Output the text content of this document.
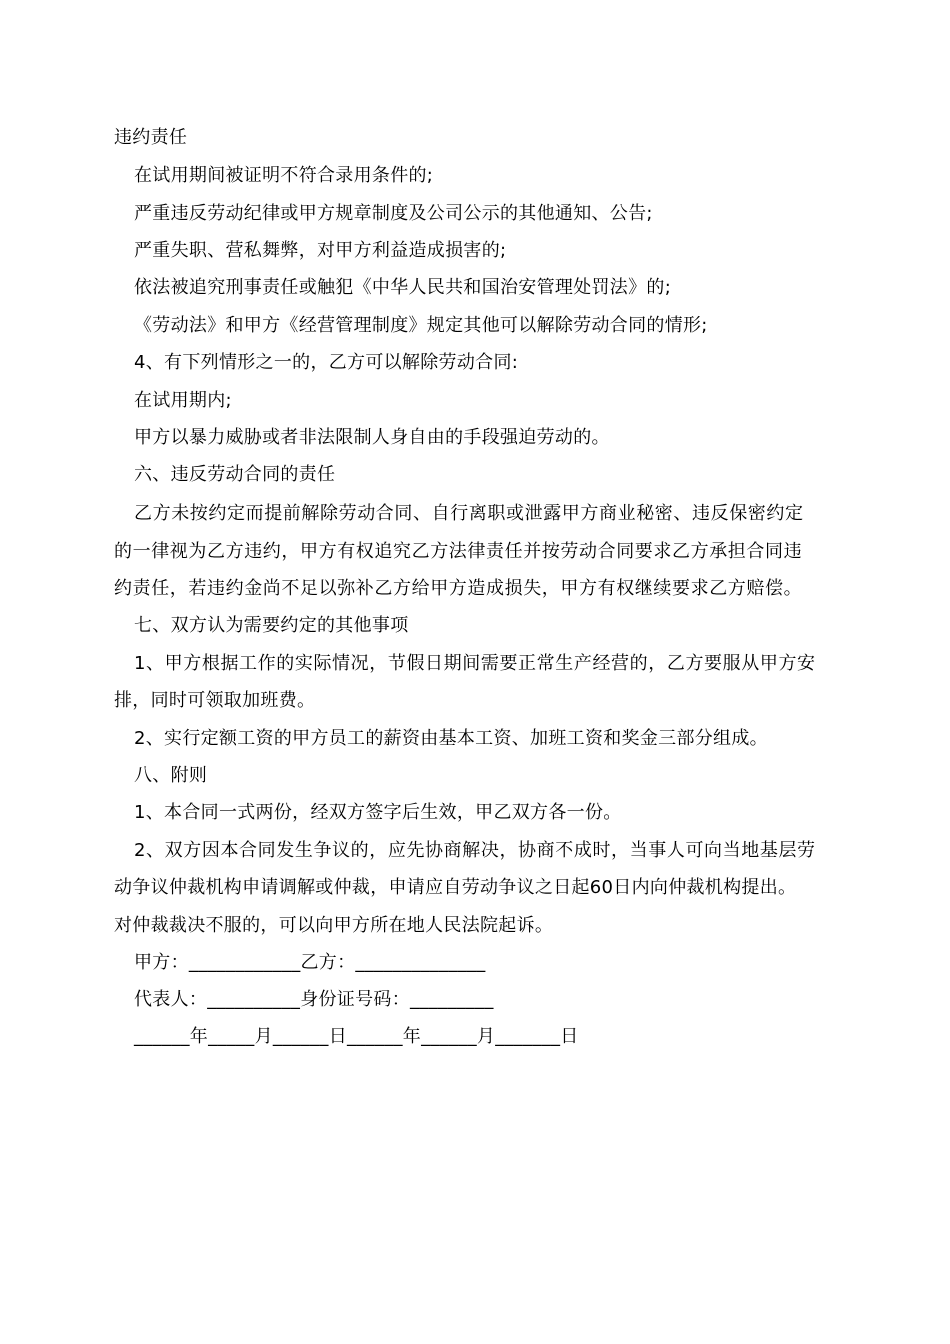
违约责任
在试用期间被证明不符合录用条件的;
严重违反劳动纪律或甲方规章制度及公司公示的其他通知、公告;
严重失职、营私舞弊，对甲方利益造成损害的;
依法被追究刑事责任或触犯《中华人民共和国治安管理处罚法》的;
《劳动法》和甲方《经营管理制度》规定其他可以解除劳动合同的情形;
4、有下列情形之一的，乙方可以解除劳动合同:
在试用期内;
甲方以暴力威胁或者非法限制人身自由的手段强迫劳动的。
六、违反劳动合同的责任
乙方未按约定而提前解除劳动合同、自行离职或泄露甲方商业秘密、违反保密约定
的一律视为乙方违约，甲方有权追究乙方法律责任并按劳动合同要求乙方承担合同违
约责任，若违约金尚不足以弥补乙方给甲方造成损失，甲方有权继续要求乙方赔偿。
七、双方认为需要约定的其他事项
1、甲方根据工作的实际情况，节假日期间需要正常生产经营的，乙方要服从甲方安
排，同时可领取加班费。
2、实行定额工资的甲方员工的薪资由基本工资、加班工资和奖金三部分组成。
八、附则
1、本合同一式两份，经双方签字后生效，甲乙双方各一份。
2、双方因本合同发生争议的，应先协商解决，协商不成时，当事人可向当地基层劳
动争议仲裁机构申请调解或仲裁，申请应自劳动争议之日起60日内向仲裁机构提出。
对仲裁裁决不服的，可以向甲方所在地人民法院起诉。
甲方：____________乙方：______________
代表人：__________身份证号码：_________
______年_____月______日______年______月_______日
